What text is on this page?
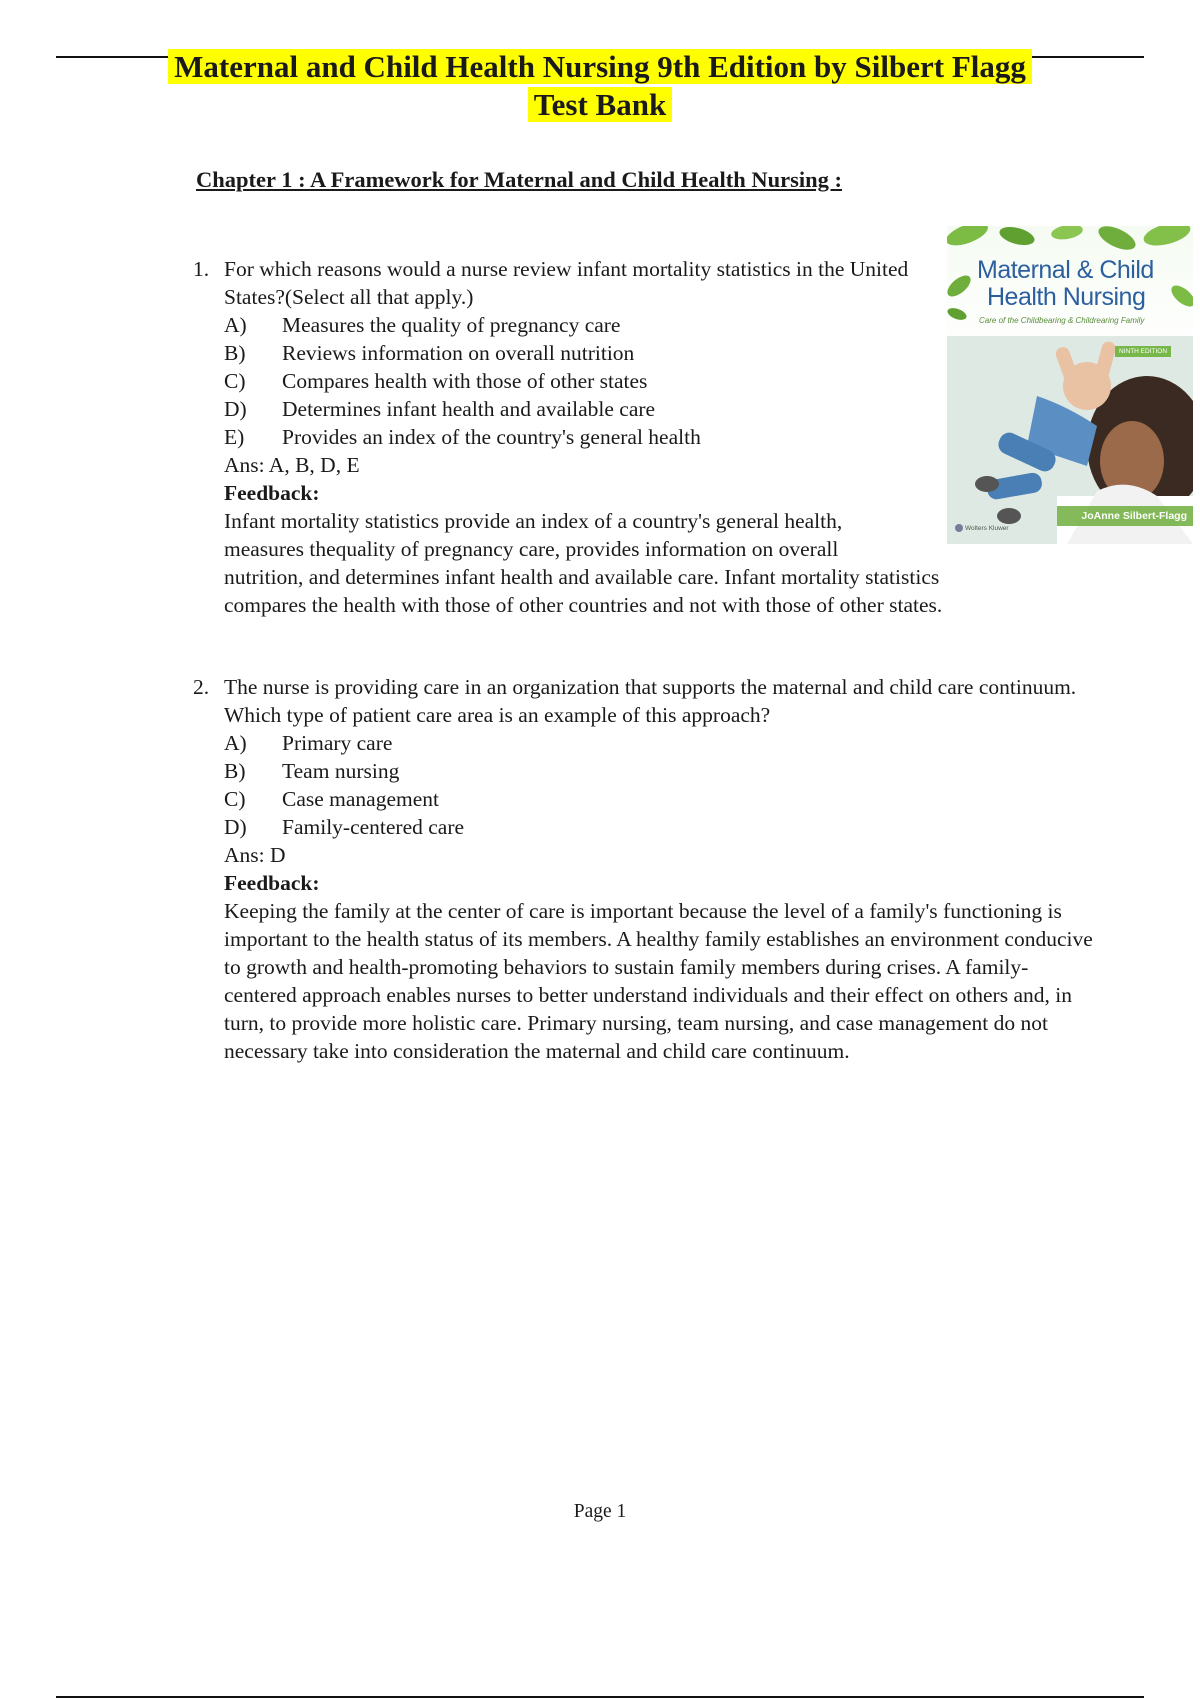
Maternal and Child Health Nursing 9th Edition by Silbert Flagg
Test Bank
Chapter 1 : A Framework for Maternal and Child Health Nursing :
1. For which reasons would a nurse review infant mortality statistics in the United States?(Select all that apply.)
A)	Measures the quality of pregnancy care
B)	Reviews information on overall nutrition
C)	Compares health with those of other states
D)	Determines infant health and available care
E)	Provides an index of the country's general health
Ans: A, B, D, E
Feedback:
Infant mortality statistics provide an index of a country's general health,
measures thequality of pregnancy care, provides information on overall
nutrition, and determines infant health and available care. Infant mortality statistics
compares the health with those of other countries and not with those of other states.
Maternal & Child
Health Nursing
Care of the Childbearing & Childrearing Family
NINTH EDITION
JoAnne Silbert-Flagg
Wolters Kluwer
2. The nurse is providing care in an organization that supports the maternal and child care continuum. Which type of patient care area is an example of this approach?
A)	Primary care
B)	Team nursing
C)	Case management
D)	Family-centered care
Ans: D
Feedback:
Keeping the family at the center of care is important because the level of a family's functioning is important to the health status of its members. A healthy family establishes an environment conducive to growth and health-promoting behaviors to sustain family members during crises. A family-centered approach enables nurses to better understand individuals and their effect on others and, in turn, to provide more holistic care. Primary nursing, team nursing, and case management do not necessary take into consideration the maternal and child care continuum.
Page 1
